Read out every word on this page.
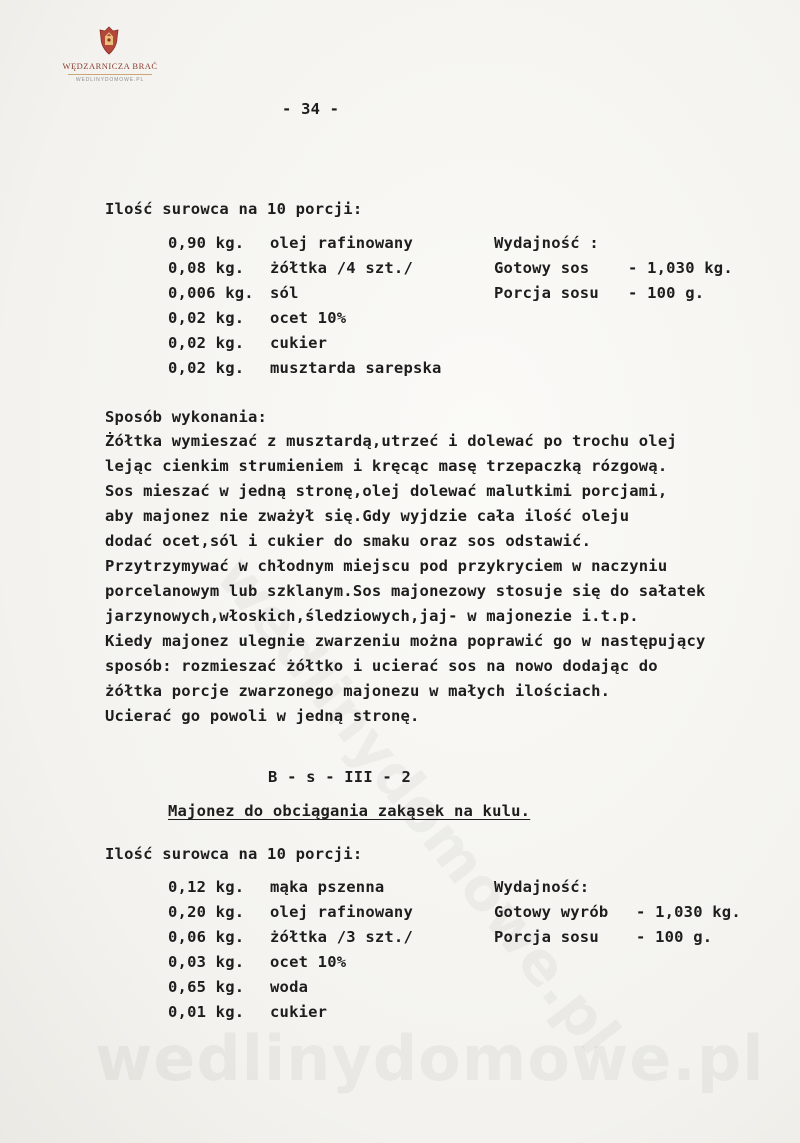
WĘDZARNICZA BRAĆ
WEDLINYDOMOWE.PL
- 34 -
Ilość surowca na 10 porcji:
0,90 kg. olej rafinowany
0,08 kg. żółtka /4 szt./
0,006 kg. sól
0,02 kg. ocet 10%
0,02 kg. cukier
0,02 kg. musztarda sarepska
Wydajność :
Gotowy sos - 1,030 kg.
Porcja sosu - 100 g.
Sposób wykonania:
Żółtka wymieszać z musztardą,utrzeć i dolewać po trochu olej
lejąc cienkim strumieniem i kręcąc masę trzepaczką rózgową.
Sos mieszać w jedną stronę,olej dolewać malutkimi porcjami,
aby majonez nie zważył się.Gdy wyjdzie cała ilość oleju
dodać ocet,sól i cukier do smaku oraz sos odstawić.
Przytrzymywać w chłodnym miejscu pod przykryciem w naczyniu
porcelanowym lub szklanym.Sos majonezowy stosuje się do sałatek
jarzynowych,włoskich,śledziowych,jaj- w majonezie i.t.p.
Kiedy majonez ulegnie zwarzeniu można poprawić go w następujący
sposób: rozmieszać żółtko i ucierać sos na nowo dodając do
żółtka porcje zwarzonego majonezu w małych ilościach.
Ucierać go powoli w jedną stronę.
B - s - III - 2
Majonez do obciągania zakąsek na kulu.
Ilość surowca na 10 porcji:
0,12 kg. mąka pszenna
0,20 kg. olej rafinowany
0,06 kg. żółtka /3 szt./
0,03 kg. ocet 10%
0,65 kg. woda
0,01 kg. cukier
Wydajność:
Gotowy wyrób - 1,030 kg.
Porcja sosu - 100 g.
